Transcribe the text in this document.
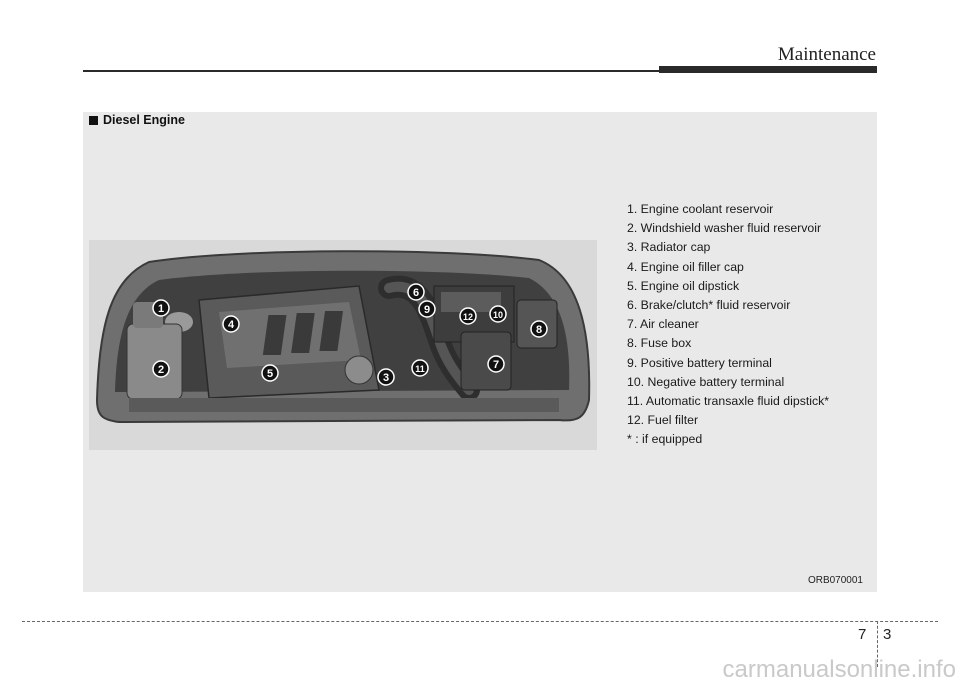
Maintenance
Diesel Engine
1
2
3
4
5
6
7
8
9	10
11
12
1. Engine coolant reservoir
2. Windshield washer fluid reservoir
3. Radiator cap
4. Engine oil filler cap
5. Engine oil dipstick
6. Brake/clutch* fluid reservoir
7. Air cleaner
8. Fuse box
9. Positive battery terminal
10. Negative battery terminal
11. Automatic transaxle fluid dipstick*
12. Fuel filter
* : if equipped
ORB070001
7 3
carmanualsonline.info
